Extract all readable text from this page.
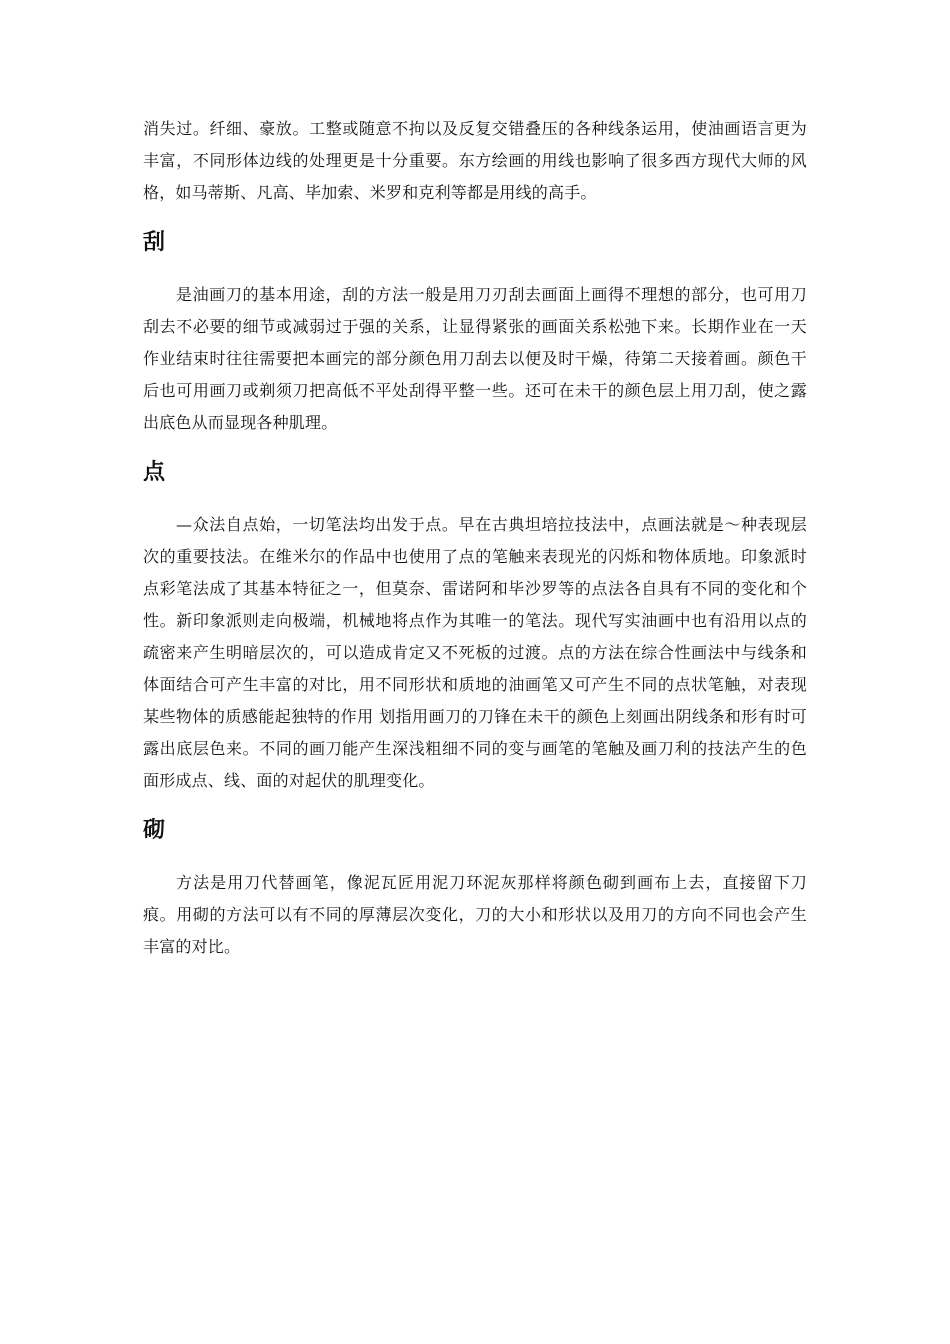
消失过。纤细、豪放。工整或随意不拘以及反复交错叠压的各种线条运用，使油画语言更为丰富，不同形体边线的处理更是十分重要。东方绘画的用线也影响了很多西方现代大师的风格，如马蒂斯、凡高、毕加索、米罗和克利等都是用线的高手。

刮

是油画刀的基本用途，刮的方法一般是用刀刃刮去画面上画得不理想的部分，也可用刀刮去不必要的细节或减弱过于强的关系，让显得紧张的画面关系松弛下来。长期作业在一天作业结束时往往需要把本画完的部分颜色用刀刮去以便及时干燥，待第二天接着画。颜色干后也可用画刀或剃须刀把高低不平处刮得平整一些。还可在未干的颜色层上用刀刮，使之露出底色从而显现各种肌理。

点

—众法自点始，一切笔法均出发于点。早在古典坦培拉技法中，点画法就是～种表现层次的重要技法。在维米尔的作品中也使用了点的笔触来表现光的闪烁和物体质地。印象派时点彩笔法成了其基本特征之一，但莫奈、雷诺阿和毕沙罗等的点法各自具有不同的变化和个性。新印象派则走向极端，机械地将点作为其唯一的笔法。现代写实油画中也有沿用以点的疏密来产生明暗层次的，可以造成肯定又不死板的过渡。点的方法在综合性画法中与线条和体面结合可产生丰富的对比，用不同形状和质地的油画笔又可产生不同的点状笔触，对表现某些物体的质感能起独特的作用 划指用画刀的刀锋在未干的颜色上刻画出阴线条和形有时可露出底层色来。不同的画刀能产生深浅粗细不同的变与画笔的笔触及画刀利的技法产生的色面形成点、线、面的对起伏的肌理变化。

砌

方法是用刀代替画笔，像泥瓦匠用泥刀环泥灰那样将颜色砌到画布上去，直接留下刀痕。用砌的方法可以有不同的厚薄层次变化，刀的大小和形状以及用刀的方向不同也会产生丰富的对比。
